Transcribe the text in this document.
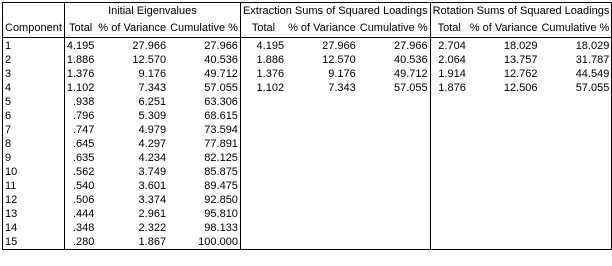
	Initial Eigenvalues			Extraction Sums of Squared Loadings			Rotation Sums of Squared Loadings		
Component	Total	% of Variance	Cumulative %	Total	% of Variance	Cumulative %	Total	% of Variance	Cumulative %
1	4.195	27.966	27.966	4.195	27.966	27.966	2.704	18.029	18.029
2	1.886	12.570	40.536	1.886	12.570	40.536	2.064	13.757	31.787
3	1.376	9.176	49.712	1.376	9.176	49.712	1.914	12.762	44.549
4	1.102	7.343	57.055	1.102	7.343	57.055	1.876	12.506	57.055
5	.938	6.251	63.306						
6	.796	5.309	68.615						
7	.747	4.979	73.594						
8	.645	4.297	77.891						
9	.635	4.234	82.125						
10	.562	3.749	85.875						
11	.540	3.601	89.475						
12	.506	3.374	92.850						
13	.444	2.961	95.810						
14	.348	2.322	98.133						
15	.280	1.867	100.000						
